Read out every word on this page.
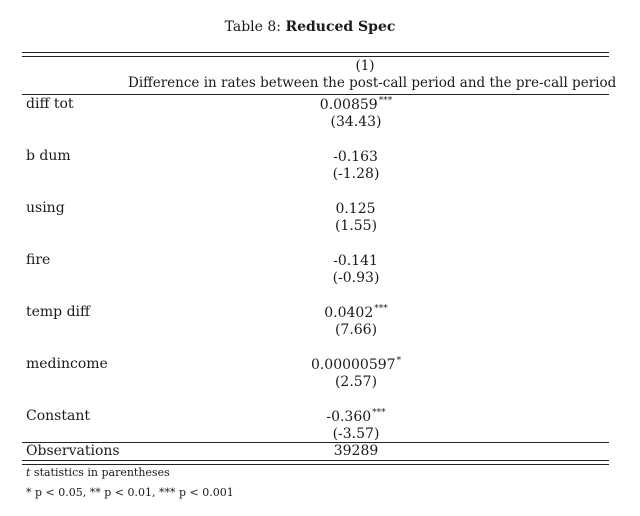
Table 8: Reduced Spec
(1)
Difference in rates between the post-call period and the pre-call period
diff tot	0.00859***
(34.43)
b dum	-0.163
(-1.28)
using	0.125
(1.55)
fire	-0.141
(-0.93)
temp diff	0.0402***
(7.66)
medincome	0.00000597*
(2.57)
Constant	-0.360***
(-3.57)
Observations	39289
t statistics in parentheses
* p < 0.05, ** p < 0.01, *** p < 0.001
